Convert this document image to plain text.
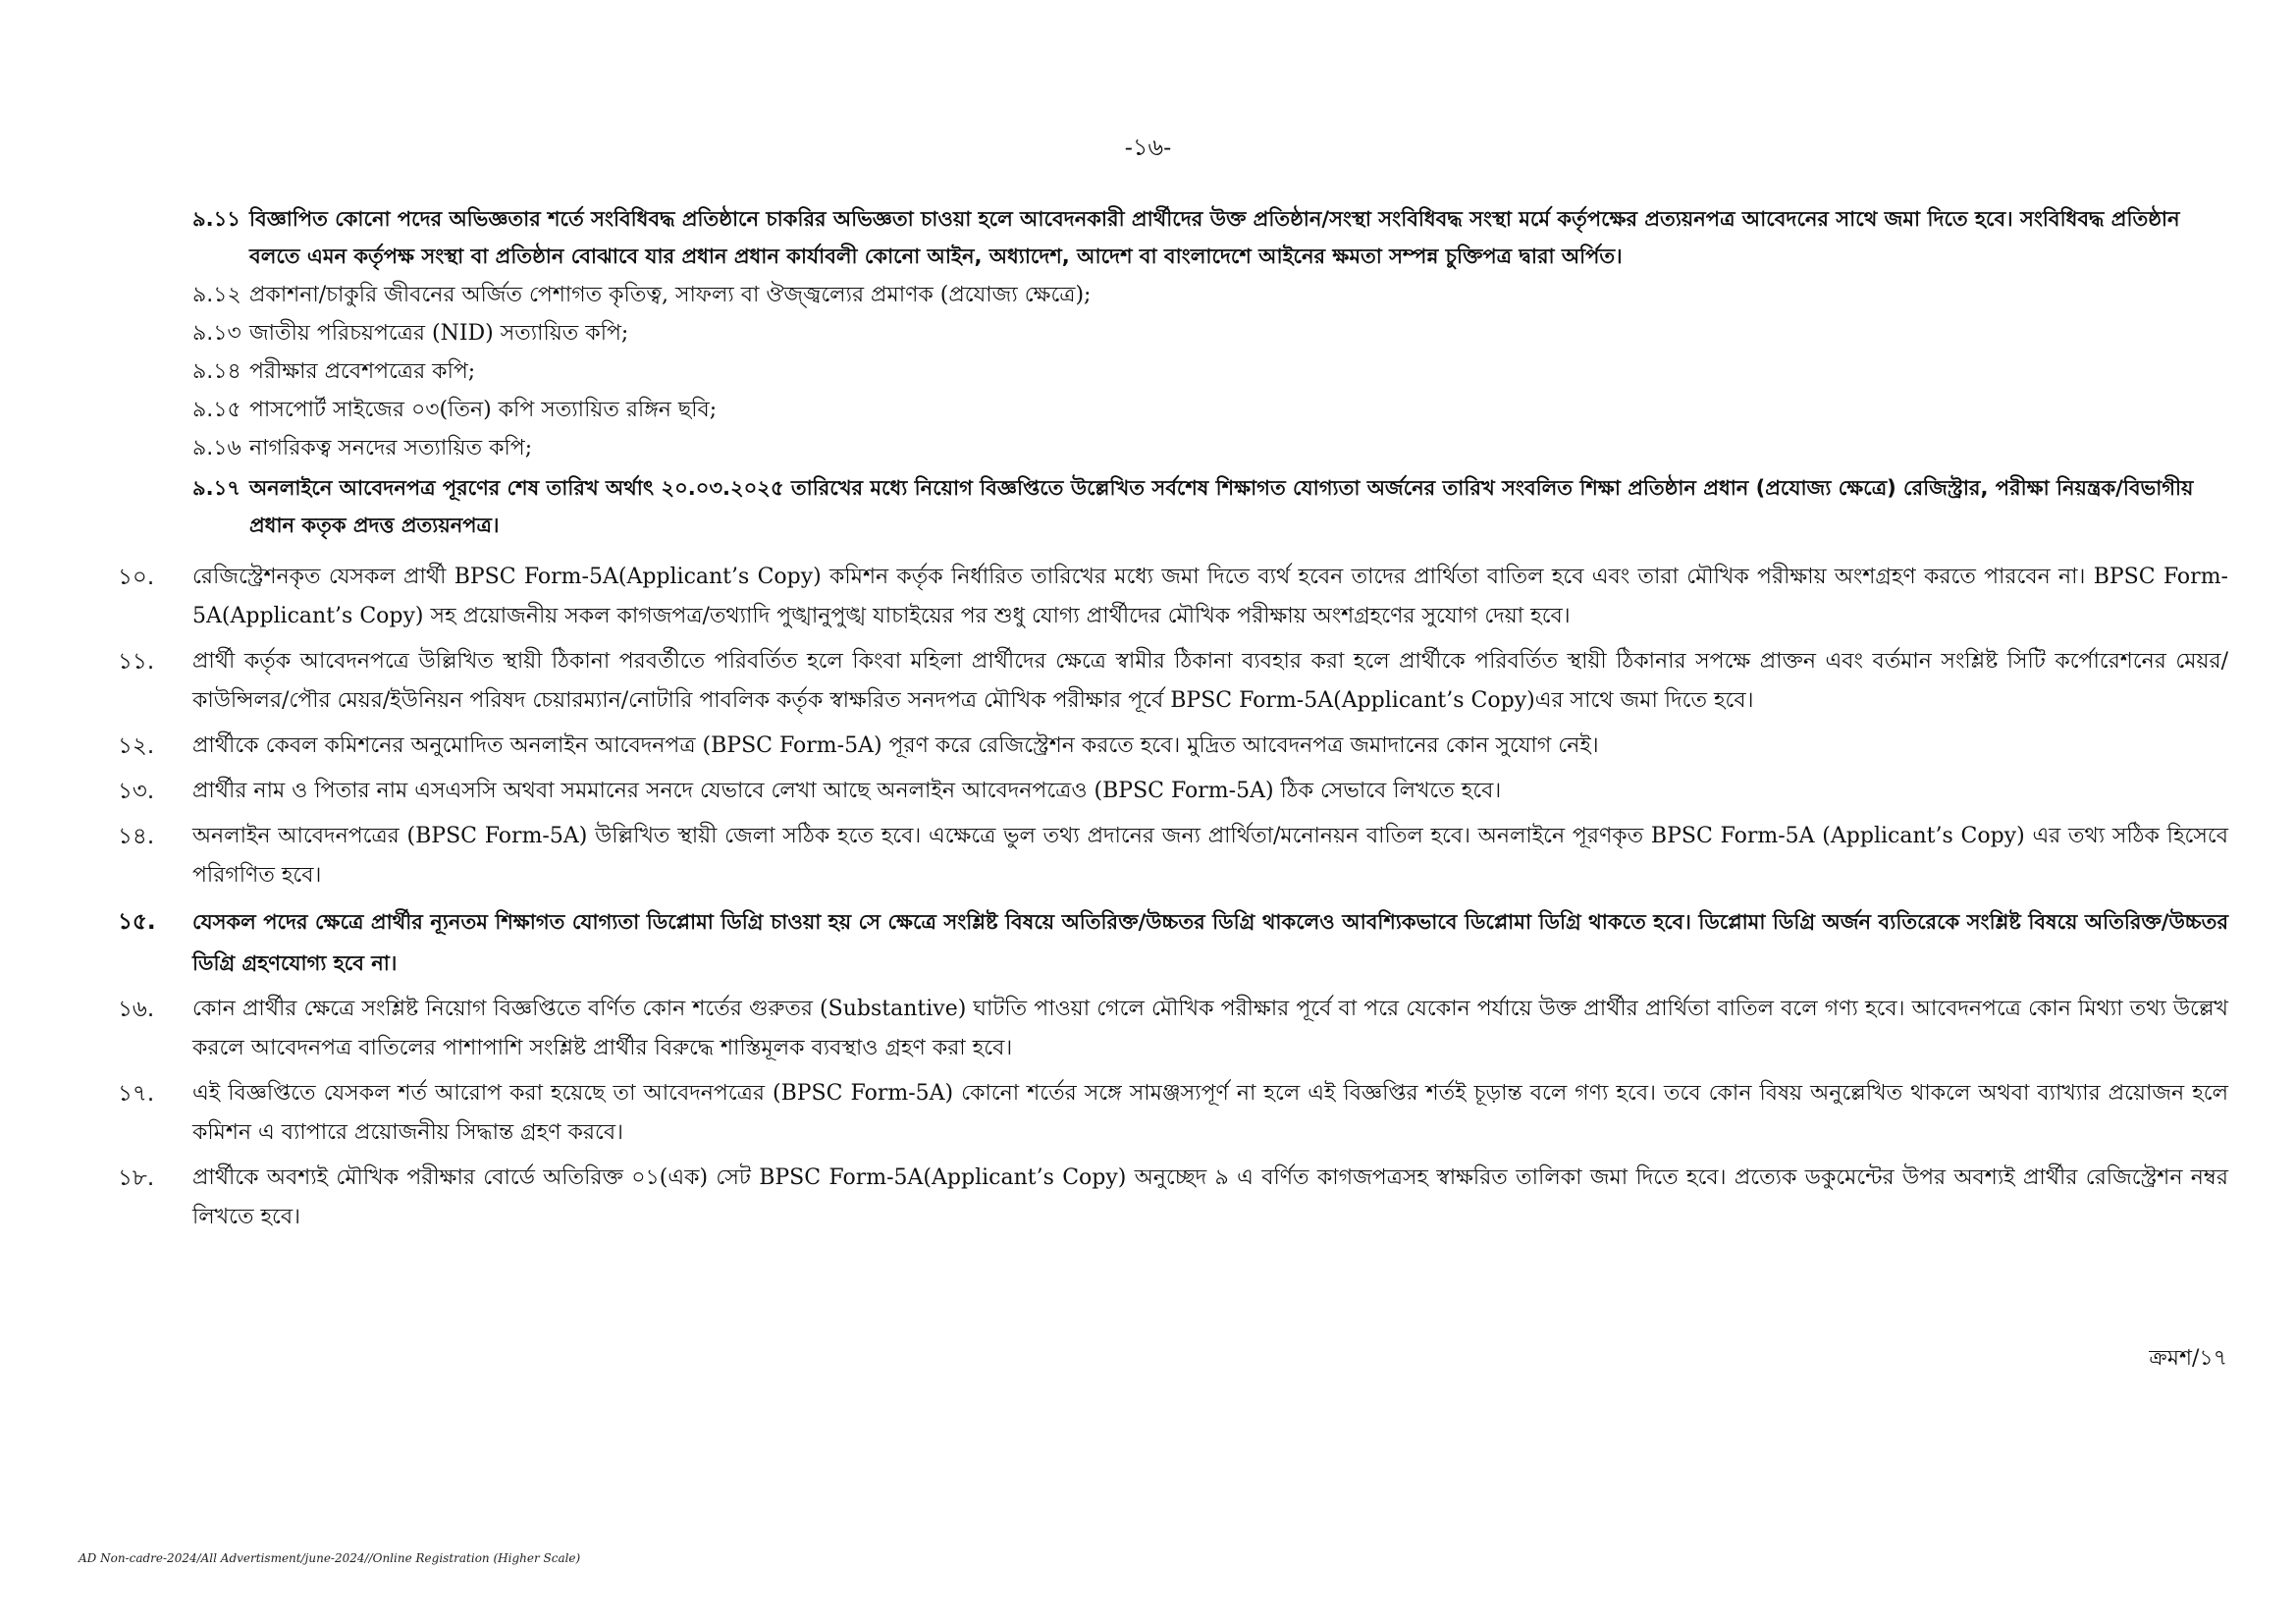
-১৬-
৯.১১ বিজ্ঞাপিত কোনো পদের অভিজ্ঞতার শর্তে সংবিধিবদ্ধ প্রতিষ্ঠানে চাকরির অভিজ্ঞতা চাওয়া হলে আবেদনকারী প্রার্থীদের উক্ত প্রতিষ্ঠান/সংস্থা সংবিধিবদ্ধ সংস্থা মর্মে কর্তৃপক্ষের প্রত্যয়নপত্র আবেদনের সাথে জমা দিতে হবে। সংবিধিবদ্ধ প্রতিষ্ঠান বলতে এমন কর্তৃপক্ষ সংস্থা বা প্রতিষ্ঠান বোঝাবে যার প্রধান প্রধান কার্যাবলী কোনো আইন, অধ্যাদেশ, আদেশ বা বাংলাদেশে আইনের ক্ষমতা সম্পন্ন চুক্তিপত্র দ্বারা অর্পিত।
৯.১২ প্রকাশনা/চাকুরি জীবনের অর্জিত পেশাগত কৃতিত্ব, সাফল্য বা ঔজ্জ্বল্যের প্রমাণক (প্রযোজ্য ক্ষেত্রে);
৯.১৩ জাতীয় পরিচয়পত্রের (NID) সত্যায়িত কপি;
৯.১৪ পরীক্ষার প্রবেশপত্রের কপি;
৯.১৫ পাসপোর্ট সাইজের ০৩(তিন) কপি সত্যায়িত রঙ্গিন ছবি;
৯.১৬ নাগরিকত্ব সনদের সত্যায়িত কপি;
৯.১৭ অনলাইনে আবেদনপত্র পূরণের শেষ তারিখ অর্থাৎ ২০.০৩.২০২৫ তারিখের মধ্যে নিয়োগ বিজ্ঞপ্তিতে উল্লেখিত সর্বশেষ শিক্ষাগত যোগ্যতা অর্জনের তারিখ সংবলিত শিক্ষা প্রতিষ্ঠান প্রধান (প্রযোজ্য ক্ষেত্রে) রেজিস্ট্রার, পরীক্ষা নিয়ন্ত্রক/বিভাগীয় প্রধান কতৃক প্রদত্ত প্রত্যয়নপত্র।
১০. রেজিস্ট্রেশনকৃত যেসকল প্রার্থী BPSC Form-5A(Applicant’s Copy) কমিশন কর্তৃক নির্ধারিত তারিখের মধ্যে জমা দিতে ব্যর্থ হবেন তাদের প্রার্থিতা বাতিল হবে এবং তারা মৌখিক পরীক্ষায় অংশগ্রহণ করতে পারবেন না। BPSC Form-5A(Applicant’s Copy) সহ প্রয়োজনীয় সকল কাগজপত্র/তথ্যাদি পুঙ্খানুপুঙ্খ যাচাইয়ের পর শুধু যোগ্য প্রার্থীদের মৌখিক পরীক্ষায় অংশগ্রহণের সুযোগ দেয়া হবে।
১১. প্রার্থী কর্তৃক আবেদনপত্রে উল্লিখিত স্থায়ী ঠিকানা পরবর্তীতে পরিবর্তিত হলে কিংবা মহিলা প্রার্থীদের ক্ষেত্রে স্বামীর ঠিকানা ব্যবহার করা হলে প্রার্থীকে পরিবর্তিত স্থায়ী ঠিকানার সপক্ষে প্রাক্তন এবং বর্তমান সংশ্লিষ্ট সিটি কর্পোরেশনের মেয়র/কাউন্সিলর/পৌর মেয়র/ইউনিয়ন পরিষদ চেয়ারম্যান/নোটারি পাবলিক কর্তৃক স্বাক্ষরিত সনদপত্র মৌখিক পরীক্ষার পূর্বে BPSC Form-5A(Applicant’s Copy)এর সাথে জমা দিতে হবে।
১২. প্রার্থীকে কেবল কমিশনের অনুমোদিত অনলাইন আবেদনপত্র (BPSC Form-5A) পূরণ করে রেজিস্ট্রেশন করতে হবে। মুদ্রিত আবেদনপত্র জমাদানের কোন সুযোগ নেই।
১৩. প্রার্থীর নাম ও পিতার নাম এসএসসি অথবা সমমানের সনদে যেভাবে লেখা আছে অনলাইন আবেদনপত্রেও (BPSC Form-5A) ঠিক সেভাবে লিখতে হবে।
১৪. অনলাইন আবেদনপত্রের (BPSC Form-5A) উল্লিখিত স্থায়ী জেলা সঠিক হতে হবে। এক্ষেত্রে ভুল তথ্য প্রদানের জন্য প্রার্থিতা/মনোনয়ন বাতিল হবে। অনলাইনে পূরণকৃত BPSC Form-5A (Applicant’s Copy) এর তথ্য সঠিক হিসেবে পরিগণিত হবে।
১৫. যেসকল পদের ক্ষেত্রে প্রার্থীর ন্যূনতম শিক্ষাগত যোগ্যতা ডিপ্লোমা ডিগ্রি চাওয়া হয় সে ক্ষেত্রে সংশ্লিষ্ট বিষয়ে অতিরিক্ত/উচ্চতর ডিগ্রি থাকলেও আবশ্যিকভাবে ডিপ্লোমা ডিগ্রি থাকতে হবে। ডিপ্লোমা ডিগ্রি অর্জন ব্যতিরেকে সংশ্লিষ্ট বিষয়ে অতিরিক্ত/উচ্চতর ডিগ্রি গ্রহণযোগ্য হবে না।
১৬. কোন প্রার্থীর ক্ষেত্রে সংশ্লিষ্ট নিয়োগ বিজ্ঞপ্তিতে বর্ণিত কোন শর্তের গুরুতর (Substantive) ঘাটতি পাওয়া গেলে মৌখিক পরীক্ষার পূর্বে বা পরে যেকোন পর্যায়ে উক্ত প্রার্থীর প্রার্থিতা বাতিল বলে গণ্য হবে। আবেদনপত্রে কোন মিথ্যা তথ্য উল্লেখ করলে আবেদনপত্র বাতিলের পাশাপাশি সংশ্লিষ্ট প্রার্থীর বিরুদ্ধে শাস্তিমূলক ব্যবস্থাও গ্রহণ করা হবে।
১৭. এই বিজ্ঞপ্তিতে যেসকল শর্ত আরোপ করা হয়েছে তা আবেদনপত্রের (BPSC Form-5A) কোনো শর্তের সঙ্গে সামঞ্জস্যপূর্ণ না হলে এই বিজ্ঞপ্তির শর্তই চূড়ান্ত বলে গণ্য হবে। তবে কোন বিষয় অনুল্লেখিত থাকলে অথবা ব্যাখ্যার প্রয়োজন হলে কমিশন এ ব্যাপারে প্রয়োজনীয় সিদ্ধান্ত গ্রহণ করবে।
১৮. প্রার্থীকে অবশ্যই মৌখিক পরীক্ষার বোর্ডে অতিরিক্ত ০১(এক) সেট BPSC Form-5A(Applicant’s Copy) অনুচ্ছেদ ৯ এ বর্ণিত কাগজপত্রসহ স্বাক্ষরিত তালিকা জমা দিতে হবে। প্রত্যেক ডকুমেন্টের উপর অবশ্যই প্রার্থীর রেজিস্ট্রেশন নম্বর লিখতে হবে।
ক্রমশ/১৭
AD Non-cadre-2024/All Advertisment/june-2024//Online Registration (Higher Scale)
